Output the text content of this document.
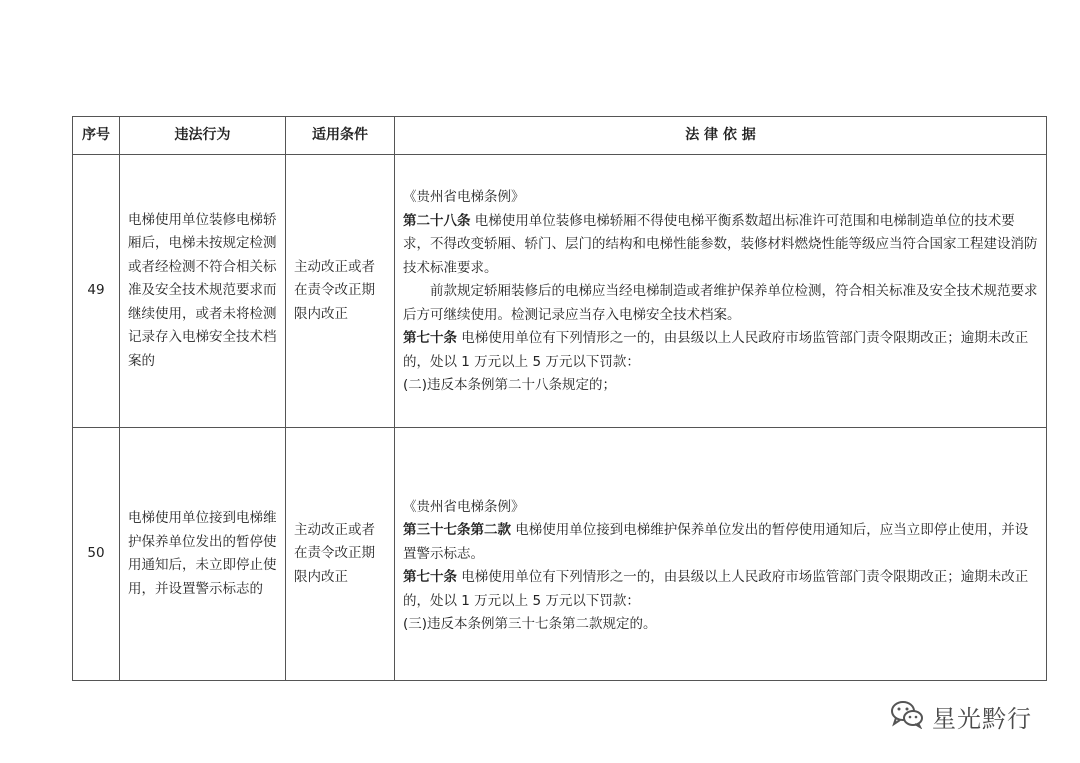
序号	违法行为	适用条件	法 律 依 据
49	电梯使用单位装修电梯轿厢后，电梯未按规定检测或者经检测不符合相关标准及安全技术规范要求而继续使用，或者未将检测记录存入电梯安全技术档案的	主动改正或者在责令改正期限内改正	《贵州省电梯条例》
第二十八条 电梯使用单位装修电梯轿厢不得使电梯平衡系数超出标准许可范围和电梯制造单位的技术要求，不得改变轿厢、轿门、层门的结构和电梯性能参数，装修材料燃烧性能等级应当符合国家工程建设消防技术标准要求。
前款规定轿厢装修后的电梯应当经电梯制造或者维护保养单位检测，符合相关标准及安全技术规范要求后方可继续使用。检测记录应当存入电梯安全技术档案。
第七十条 电梯使用单位有下列情形之一的，由县级以上人民政府市场监管部门责令限期改正；逾期未改正的，处以 1 万元以上 5 万元以下罚款：
(二)违反本条例第二十八条规定的；

50	电梯使用单位接到电梯维护保养单位发出的暂停使用通知后，未立即停止使用，并设置警示标志的	主动改正或者在责令改正期限内改正	《贵州省电梯条例》
第三十七条第二款 电梯使用单位接到电梯维护保养单位发出的暂停使用通知后，应当立即停止使用，并设置警示标志。
第七十条 电梯使用单位有下列情形之一的，由县级以上人民政府市场监管部门责令限期改正；逾期未改正的，处以 1 万元以上 5 万元以下罚款：
(三)违反本条例第三十七条第二款规定的。
星光黔行
